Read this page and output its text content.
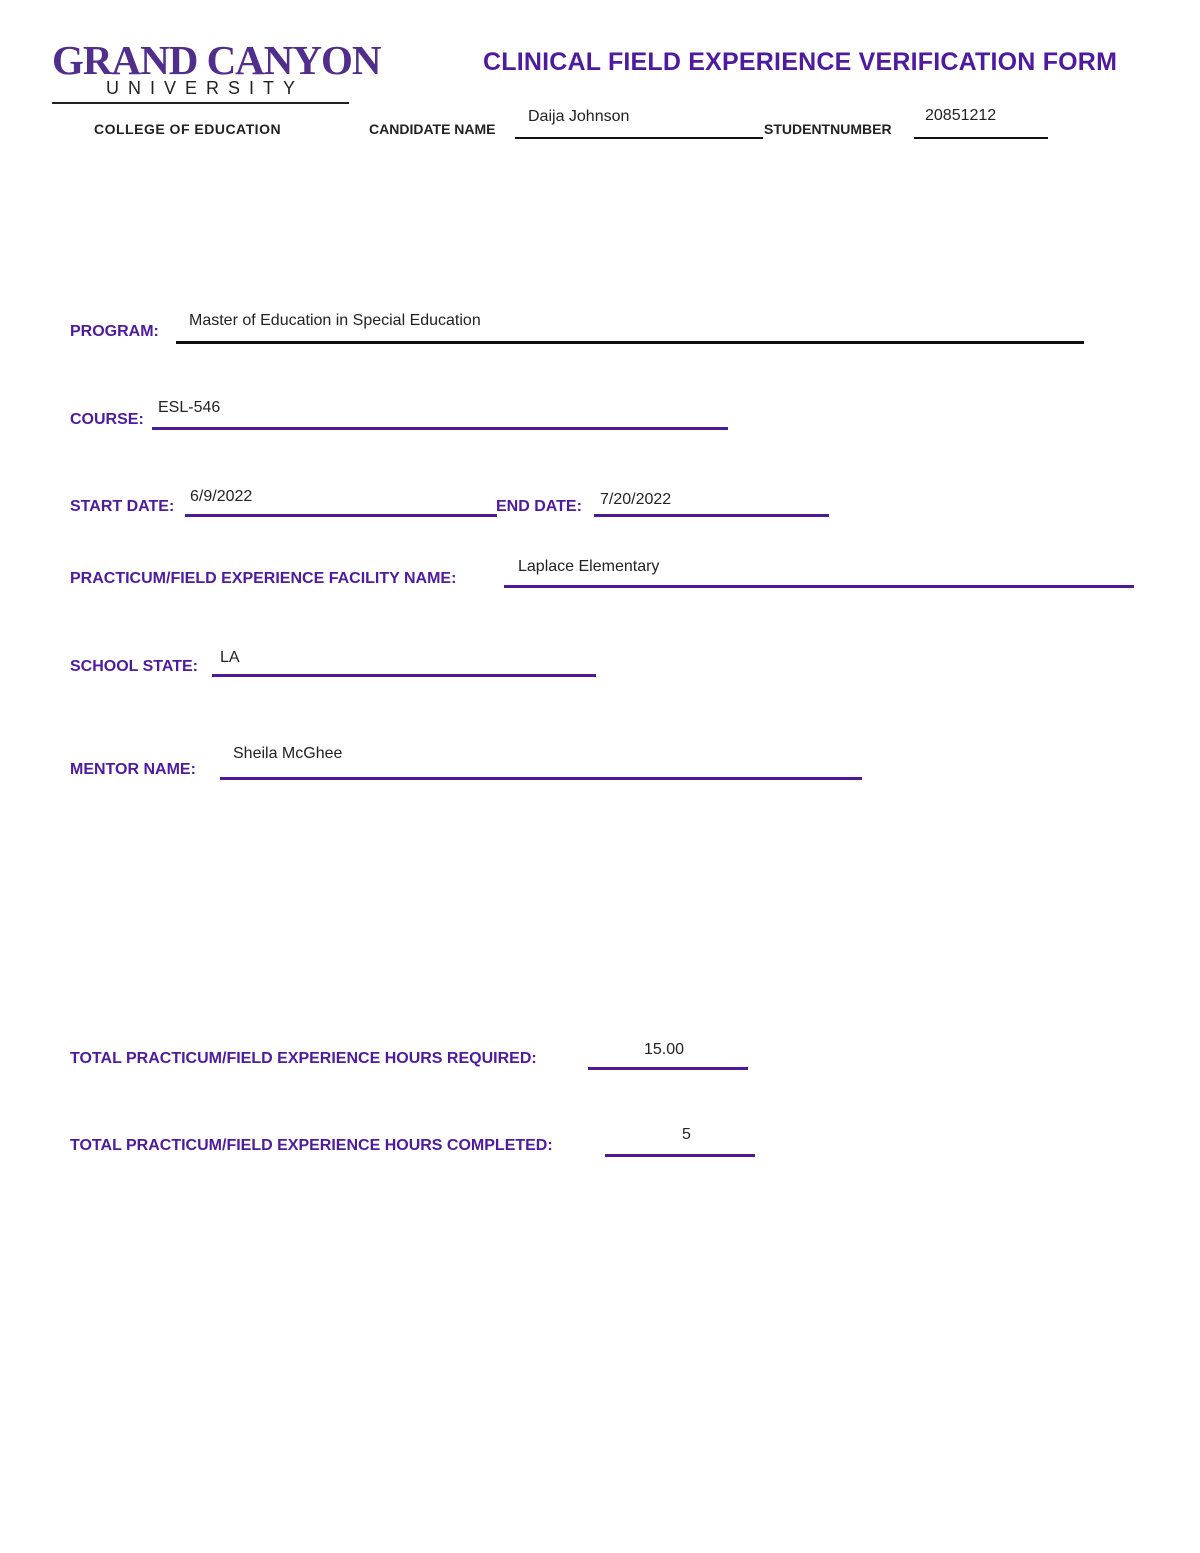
GRAND CANYON
UNIVERSITY
COLLEGE OF EDUCATION
CLINICAL FIELD EXPERIENCE VERIFICATION FORM
CANDIDATE NAME
Daija Johnson
STUDENTNUMBER
20851212
PROGRAM:
Master of Education in Special Education
COURSE:
ESL-546
START DATE:
6/9/2022
END DATE: 7/20/2022
PRACTICUM/FIELD EXPERIENCE FACILITY NAME:
Laplace Elementary
SCHOOL STATE:
LA
MENTOR NAME:
Sheila McGhee
TOTAL PRACTICUM/FIELD EXPERIENCE HOURS REQUIRED:
15.00
TOTAL PRACTICUM/FIELD EXPERIENCE HOURS COMPLETED:
5
